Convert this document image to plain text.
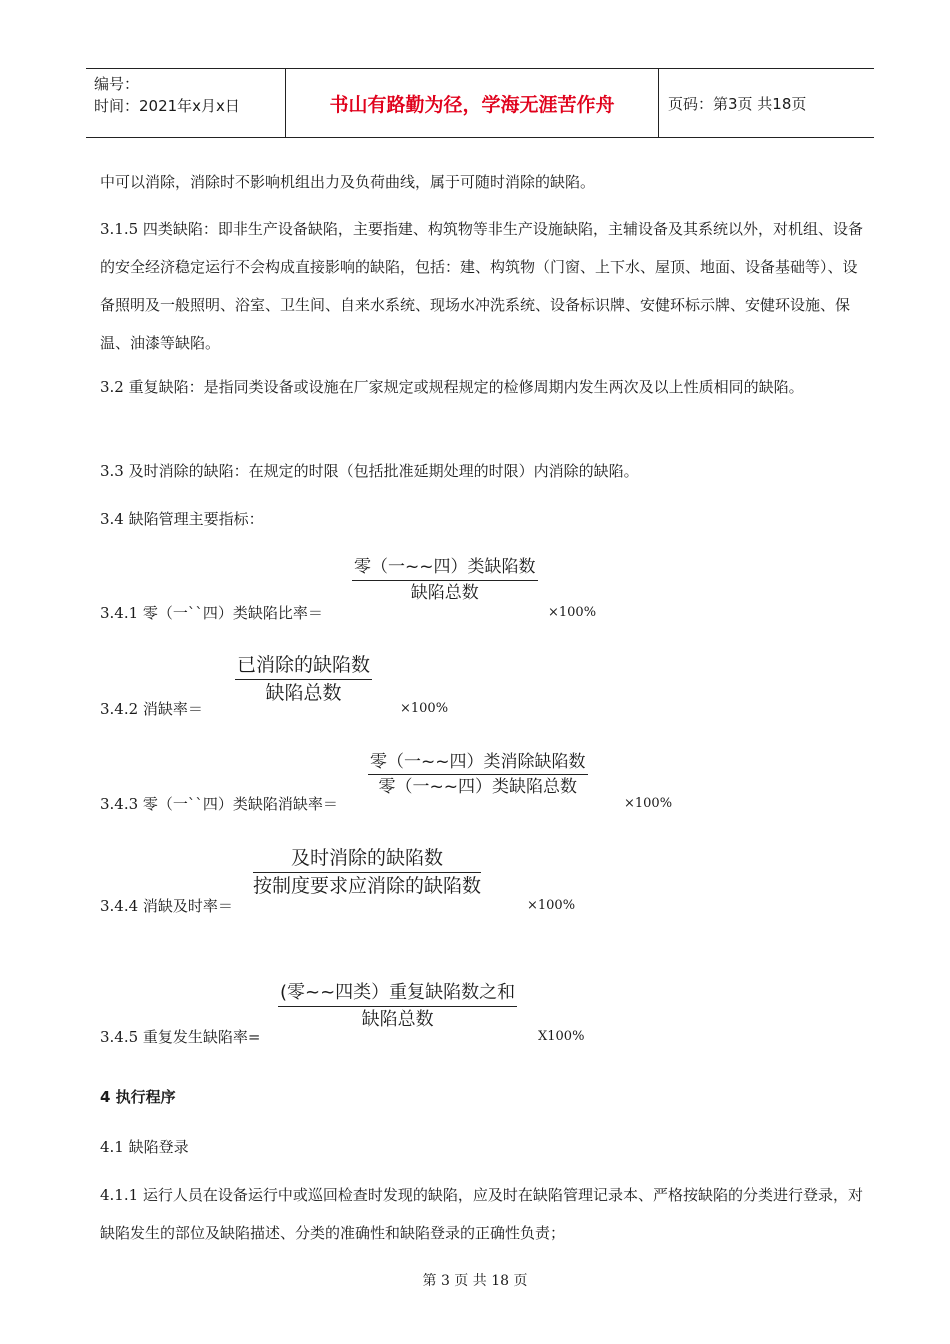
编号：
时间：2021年x月x日	书山有路勤为径，学海无涯苦作舟	页码：第3页 共18页
中可以消除，消除时不影响机组出力及负荷曲线，属于可随时消除的缺陷。
3.1.5 四类缺陷：即非生产设备缺陷，主要指建、构筑物等非生产设施缺陷，主辅设备及其系统以外，对机组、设备的安全经济稳定运行不会构成直接影响的缺陷，包括：建、构筑物（门窗、上下水、屋顶、地面、设备基础等）、设备照明及一般照明、浴室、卫生间、自来水系统、现场水冲洗系统、设备标识牌、安健环标示牌、安健环设施、保温、油漆等缺陷。
3.2 重复缺陷：是指同类设备或设施在厂家规定或规程规定的检修周期内发生两次及以上性质相同的缺陷。
3.3 及时消除的缺陷：在规定的时限（包括批准延期处理的时限）内消除的缺陷。
3.4 缺陷管理主要指标：
零（一~~四）类缺陷数
缺陷总数
3.4.1 零（一``四）类缺陷比率＝	×100%
已消除的缺陷数
缺陷总数
3.4.2 消缺率＝	×100%
零（一~~四）类消除缺陷数
零（一~~四）类缺陷总数
3.4.3 零（一``四）类缺陷消缺率＝	×100%
及时消除的缺陷数
按制度要求应消除的缺陷数
3.4.4 消缺及时率＝	×100%
(零~~四类）重复缺陷数之和
缺陷总数
3.4.5 重复发生缺陷率=	X100%
4 执行程序
4.1 缺陷登录
4.1.1 运行人员在设备运行中或巡回检查时发现的缺陷，应及时在缺陷管理记录本、严格按缺陷的分类进行登录，对缺陷发生的部位及缺陷描述、分类的准确性和缺陷登录的正确性负责；
第 3 页 共 18 页
